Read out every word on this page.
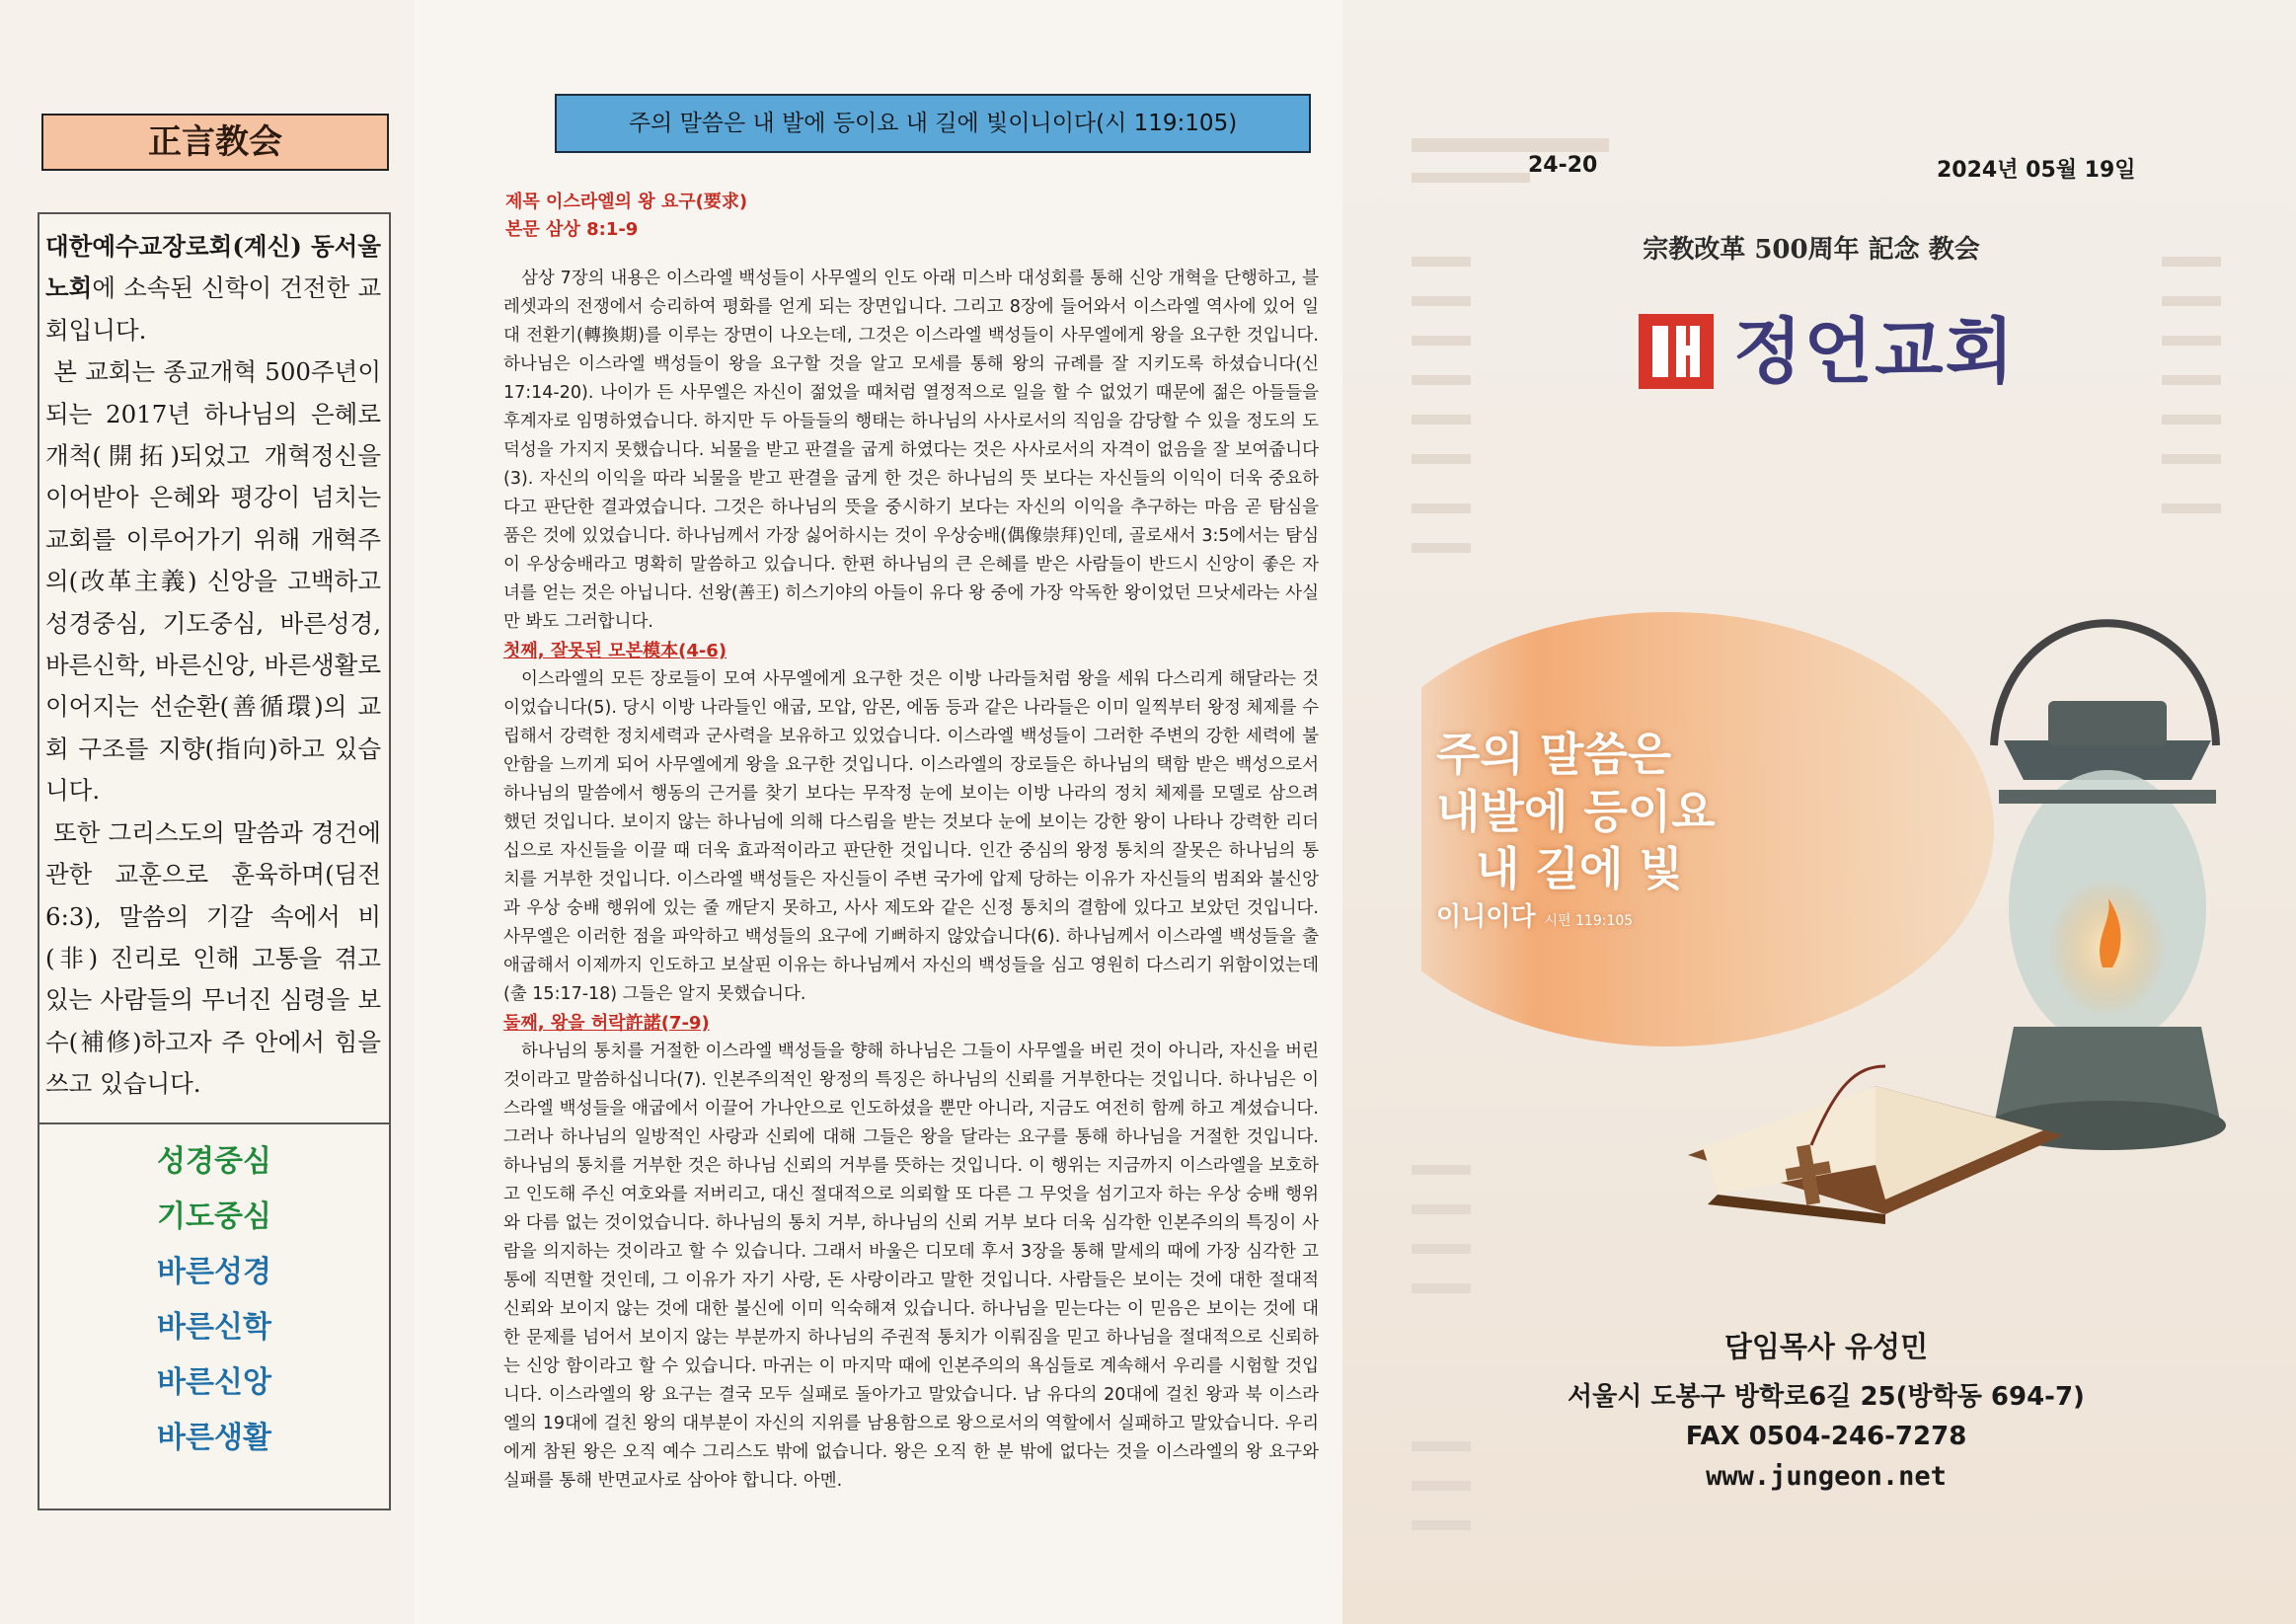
正言教会

대한예수교장로회(계신) 동서울 노회에 소속된 신학이 건전한 교회입니다.

본 교회는 종교개혁 500주년이 되는 2017년 하나님의 은혜로 개척(開拓)되었고 개혁정신을 이어받아 은혜와 평강이 넘치는 교회를 이루어가기 위해 개혁주의(改革主義) 신앙을 고백하고 성경중심, 기도중심, 바른성경, 바른신학, 바른신앙, 바른생활로 이어지는 선순환(善循環)의 교회 구조를 지향(指向)하고 있습니다.

또한 그리스도의 말씀과 경건에 관한 교훈으로 훈육하며(딤전 6:3), 말씀의 기갈 속에서 비(非) 진리로 인해 고통을 겪고 있는 사람들의 무너진 심령을 보수(補修)하고자 주 안에서 힘을 쓰고 있습니다.

성경중심
기도중심
바른성경
바른신학
바른신앙
바른생활
주의 말씀은 내 발에 등이요 내 길에 빛이니이다(시 119:105)
제목 이스라엘의 왕 요구(要求)
본문 삼상 8:1-9

삼상 7장의 내용은 이스라엘 백성들이 사무엘의 인도 아래 미스바 대성회를 통해 신앙 개혁을 단행하고, 블레셋과의 전쟁에서 승리하여 평화를 얻게 되는 장면입니다. 그리고 8장에 들어와서 이스라엘 역사에 있어 일대 전환기(轉換期)를 이루는 장면이 나오는데, 그것은 이스라엘 백성들이 사무엘에게 왕을 요구한 것입니다. 하나님은 이스라엘 백성들이 왕을 요구할 것을 알고 모세를 통해 왕의 규례를 잘 지키도록 하셨습니다(신 17:14-20). 나이가 든 사무엘은 자신이 젊었을 때처럼 열정적으로 일을 할 수 없었기 때문에 젊은 아들들을 후계자로 임명하였습니다. 하지만 두 아들들의 행태는 하나님의 사사로서의 직임을 감당할 수 있을 정도의 도덕성을 가지지 못했습니다. 뇌물을 받고 판결을 굽게 하였다는 것은 사사로서의 자격이 없음을 잘 보여줍니다(3). 자신의 이익을 따라 뇌물을 받고 판결을 굽게 한 것은 하나님의 뜻 보다는 자신들의 이익이 더욱 중요하다고 판단한 결과였습니다. 그것은 하나님의 뜻을 중시하기 보다는 자신의 이익을 추구하는 마음 곧 탐심을 품은 것에 있었습니다. 하나님께서 가장 싫어하시는 것이 우상숭배(偶像崇拜)인데, 골로새서 3:5에서는 탐심이 우상숭배라고 명확히 말씀하고 있습니다. 한편 하나님의 큰 은혜를 받은 사람들이 반드시 신앙이 좋은 자녀를 얻는 것은 아닙니다. 선왕(善王) 히스기야의 아들이 유다 왕 중에 가장 악독한 왕이었던 므낫세라는 사실만 봐도 그러합니다.

첫째, 잘못된 모본模本(4-6)

이스라엘의 모든 장로들이 모여 사무엘에게 요구한 것은 이방 나라들처럼 왕을 세워 다스리게 해달라는 것이었습니다(5). 당시 이방 나라들인 애굽, 모압, 암몬, 에돔 등과 같은 나라들은 이미 일찍부터 왕정 체제를 수립해서 강력한 정치세력과 군사력을 보유하고 있었습니다. 이스라엘 백성들이 그러한 주변의 강한 세력에 불안함을 느끼게 되어 사무엘에게 왕을 요구한 것입니다. 이스라엘의 장로들은 하나님의 택함 받은 백성으로서 하나님의 말씀에서 행동의 근거를 찾기 보다는 무작정 눈에 보이는 이방 나라의 정치 체제를 모델로 삼으려 했던 것입니다. 보이지 않는 하나님에 의해 다스림을 받는 것보다 눈에 보이는 강한 왕이 나타나 강력한 리더십으로 자신들을 이끌 때 더욱 효과적이라고 판단한 것입니다. 인간 중심의 왕정 통치의 잘못은 하나님의 통치를 거부한 것입니다. 이스라엘 백성들은 자신들이 주변 국가에 압제 당하는 이유가 자신들의 범죄와 불신앙과 우상 숭배 행위에 있는 줄 깨닫지 못하고, 사사 제도와 같은 신정 통치의 결함에 있다고 보았던 것입니다. 사무엘은 이러한 점을 파악하고 백성들의 요구에 기뻐하지 않았습니다(6). 하나님께서 이스라엘 백성들을 출 애굽해서 이제까지 인도하고 보살핀 이유는 하나님께서 자신의 백성들을 심고 영원히 다스리기 위함이었는데(출 15:17-18) 그들은 알지 못했습니다.

둘째, 왕을 허락許諾(7-9)

하나님의 통치를 거절한 이스라엘 백성들을 향해 하나님은 그들이 사무엘을 버린 것이 아니라, 자신을 버린 것이라고 말씀하십니다(7). 인본주의적인 왕정의 특징은 하나님의 신뢰를 거부한다는 것입니다. 하나님은 이스라엘 백성들을 애굽에서 이끌어 가나안으로 인도하셨을 뿐만 아니라, 지금도 여전히 함께 하고 계셨습니다. 그러나 하나님의 일방적인 사랑과 신뢰에 대해 그들은 왕을 달라는 요구를 통해 하나님을 거절한 것입니다. 하나님의 통치를 거부한 것은 하나님 신뢰의 거부를 뜻하는 것입니다. 이 행위는 지금까지 이스라엘을 보호하고 인도해 주신 여호와를 저버리고, 대신 절대적으로 의뢰할 또 다른 그 무엇을 섬기고자 하는 우상 숭배 행위와 다름 없는 것이었습니다. 하나님의 통치 거부, 하나님의 신뢰 거부 보다 더욱 심각한 인본주의의 특징이 사람을 의지하는 것이라고 할 수 있습니다. 그래서 바울은 디모데 후서 3장을 통해 말세의 때에 가장 심각한 고통에 직면할 것인데, 그 이유가 자기 사랑, 돈 사랑이라고 말한 것입니다. 사람들은 보이는 것에 대한 절대적 신뢰와 보이지 않는 것에 대한 불신에 이미 익숙해져 있습니다. 하나님을 믿는다는 이 믿음은 보이는 것에 대한 문제를 넘어서 보이지 않는 부분까지 하나님의 주권적 통치가 이뤄짐을 믿고 하나님을 절대적으로 신뢰하는 신앙 함이라고 할 수 있습니다. 마귀는 이 마지막 때에 인본주의의 욕심들로 계속해서 우리를 시험할 것입니다. 이스라엘의 왕 요구는 결국 모두 실패로 돌아가고 말았습니다. 남 유다의 20대에 걸친 왕과 북 이스라엘의 19대에 걸친 왕의 대부분이 자신의 지위를 남용함으로 왕으로서의 역할에서 실패하고 말았습니다. 우리에게 참된 왕은 오직 예수 그리스도 밖에 없습니다. 왕은 오직 한 분 밖에 없다는 것을 이스라엘의 왕 요구와 실패를 통해 반면교사로 삼아야 합니다. 아멘.

24-20	2024년 05월 19일
宗教改革 500周年 記念 教会
정언교회
주의 말씀은
내발에 등이요
내 길에 빛
이니이다 시편 119:105
담임목사 유성민
서울시 도봉구 방학로6길 25(방학동 694-7)
FAX 0504-246-7278
www.jungeon.net
